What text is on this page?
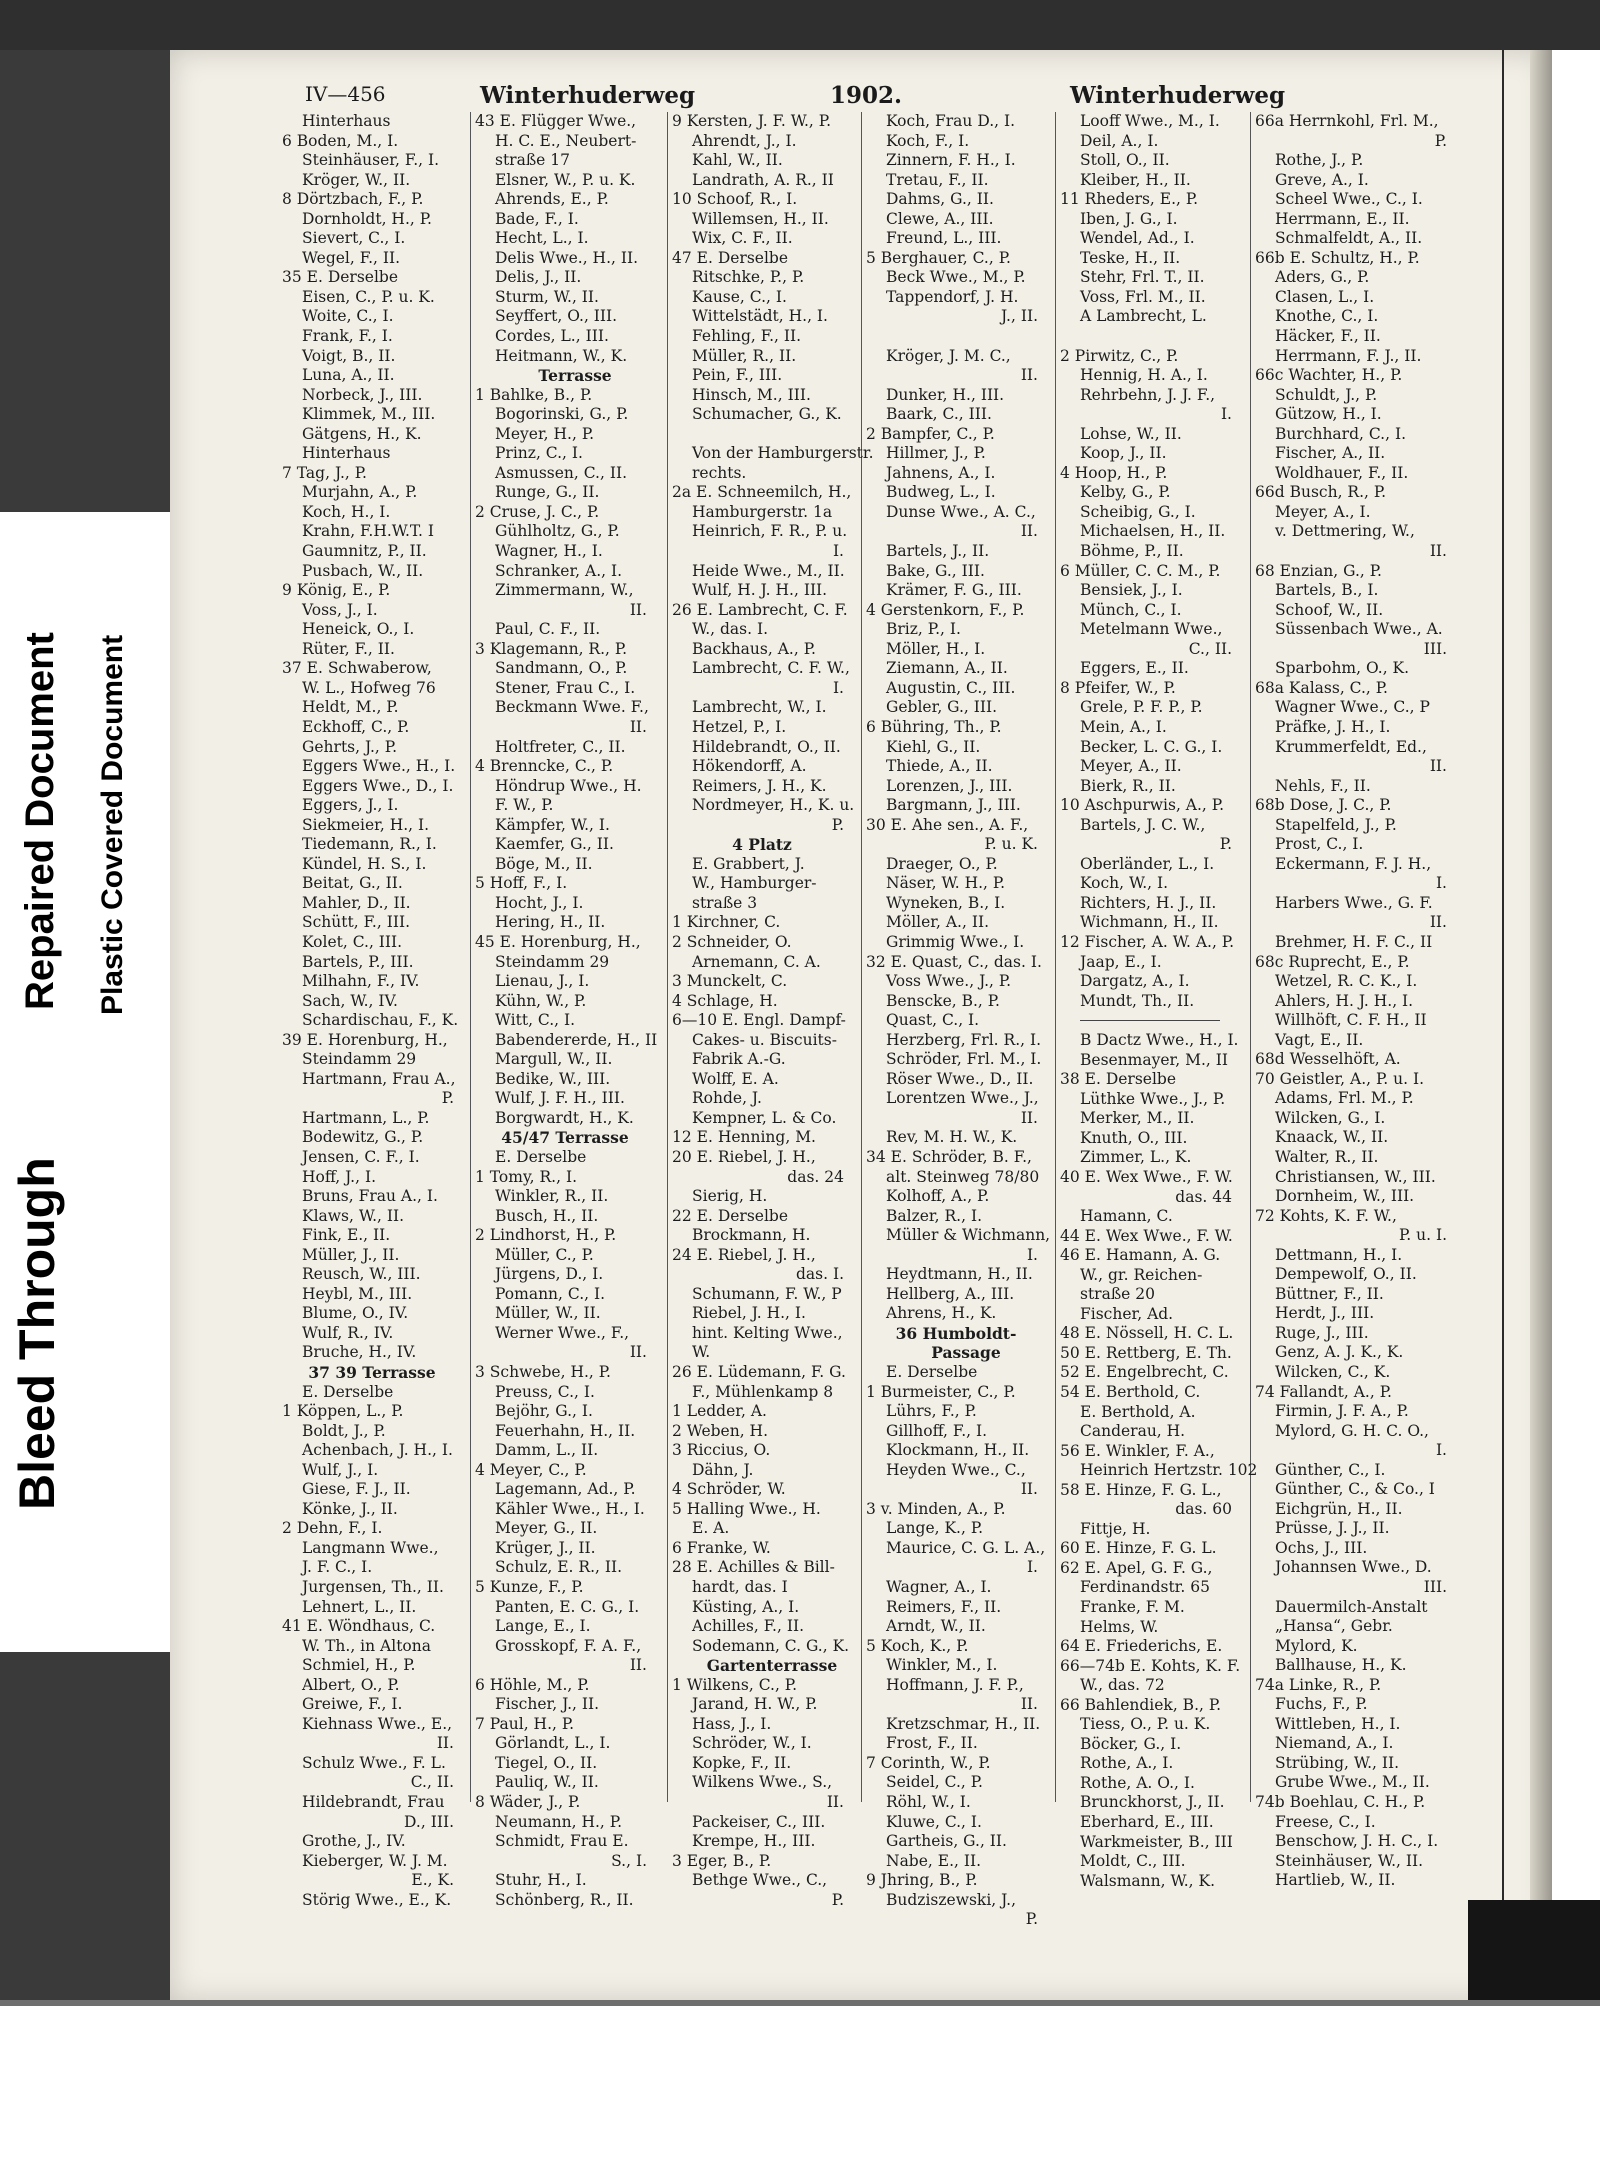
Bleed Through
Repaired Document Plastic Covered Document
IV—456	Winterhuderweg	1902.	Winterhuderweg
Hinterhaus
6 Boden, M., I.
Steinhäuser, F., I.
Kröger, W., II.
8 Dörtzbach, F., P.
Dornholdt, H., P.
Sievert, C., I.
Wegel, F., II.
35 E. Derselbe
Eisen, C., P. u. K.
Woite, C., I.
Frank, F., I.
Voigt, B., II.
Luna, A., II.
Norbeck, J., III.
Klimmek, M., III.
Gätgens, H., K.
Hinterhaus
7 Tag, J., P.
Murjahn, A., P.
Koch, H., I.
Krahn, F.H.W.T. I
Gaumnitz, P., II.
Pusbach, W., II.
9 König, E., P.
Voss, J., I.
Heneick, O., I.
Rüter, F., II.
37 E. Schwaberow,
W. L., Hofweg 76
Heldt, M., P.
Eckhoff, C., P.
Gehrts, J., P.
Eggers Wwe., H., I.
Eggers Wwe., D., I.
Eggers, J., I.
Siekmeier, H., I.
Tiedemann, R., I.
Kündel, H. S., I.
Beitat, G., II.
Mahler, D., II.
Schütt, F., III.
Kolet, C., III.
Bartels, P., III.
Milhahn, F., IV.
Sach, W., IV.
Schardischau, F., K.
39 E. Horenburg, H.,
Steindamm 29
Hartmann, Frau A.,
P.
Hartmann, L., P.
Bodewitz, G., P.
Jensen, C. F., I.
Hoff, J., I.
Bruns, Frau A., I.
Klaws, W., II.
Fink, E., II.
Müller, J., II.
Reusch, W., III.
Heybl, M., III.
Blume, O., IV.
Wulf, R., IV.
Bruche, H., IV.
37 39 Terrasse
E. Derselbe
1 Köppen, L., P.
Boldt, J., P.
Achenbach, J. H., I.
Wulf, J., I.
Giese, F. J., II.
Könke, J., II.
2 Dehn, F., I.
Langmann Wwe.,
J. F. C., I.
Jurgensen, Th., II.
Lehnert, L., II.
41 E. Wöndhaus, C.
W. Th., in Altona
Schmiel, H., P.
Albert, O., P.
Greiwe, F., I.
Kiehnass Wwe., E.,
II.
Schulz Wwe., F. L.
C., II.
Hildebrandt, Frau
D., III.
Grothe, J., IV.
Kieberger, W. J. M.
E., K.
Störig Wwe., E., K.
43 E. Flügger Wwe.,
H. C. E., Neubert-
straße 17
Elsner, W., P. u. K.
Ahrends, E., P.
Bade, F., I.
Hecht, L., I.
Delis Wwe., H., II.
Delis, J., II.
Sturm, W., II.
Seyffert, O., III.
Cordes, L., III.
Heitmann, W., K.
Terrasse
1 Bahlke, B., P.
Bogorinski, G., P.
Meyer, H., P.
Prinz, C., I.
Asmussen, C., II.
Runge, G., II.
2 Cruse, J. C., P.
Gühlholtz, G., P.
Wagner, H., I.
Schranker, A., I.
Zimmermann, W.,
II.
Paul, C. F., II.
3 Klagemann, R., P.
Sandmann, O., P.
Stener, Frau C., I.
Beckmann Wwe. F.,
II.
Holtfreter, C., II.
4 Brenncke, C., P.
Höndrup Wwe., H.
F. W., P.
Kämpfer, W., I.
Kaemfer, G., II.
Böge, M., II.
5 Hoff, F., I.
Hocht, J., I.
Hering, H., II.
45 E. Horenburg, H.,
Steindamm 29
Lienau, J., I.
Kühn, W., P.
Witt, C., I.
Babendererde, H., II
Margull, W., II.
Bedike, W., III.
Wulf, J. F. H., III.
Borgwardt, H., K.
45/47 Terrasse
E. Derselbe
1 Tomy, R., I.
Winkler, R., II.
Busch, H., II.
2 Lindhorst, H., P.
Müller, C., P.
Jürgens, D., I.
Pomann, C., I.
Müller, W., II.
Werner Wwe., F.,
II.
3 Schwebe, H., P.
Preuss, C., I.
Bejöhr, G., I.
Feuerhahn, H., II.
Damm, L., II.
4 Meyer, C., P.
Lagemann, Ad., P.
Kähler Wwe., H., I.
Meyer, G., II.
Krüger, J., II.
Schulz, E. R., II.
5 Kunze, F., P.
Panten, E. C. G., I.
Lange, E., I.
Grosskopf, F. A. F.,
II.
6 Höhle, M., P.
Fischer, J., II.
7 Paul, H., P.
Görlandt, L., I.
Tiegel, O., II.
Pauliq, W., II.
8 Wäder, J., P.
Neumann, H., P.
Schmidt, Frau E.
S., I.
Stuhr, H., I.
Schönberg, R., II.
9 Kersten, J. F. W., P.
Ahrendt, J., I.
Kahl, W., II.
Landrath, A. R., II
10 Schoof, R., I.
Willemsen, H., II.
Wix, C. F., II.
47 E. Derselbe
Ritschke, P., P.
Kause, C., I.
Wittelstädt, H., I.
Fehling, F., II.
Müller, R., II.
Pein, F., III.
Hinsch, M., III.
Schumacher, G., K.
Von der Hamburgerstr.
rechts.
2a E. Schneemilch, H.,
Hamburgerstr. 1a
Heinrich, F. R., P. u.
I.
Heide Wwe., M., II.
Wulf, H. J. H., III.
26 E. Lambrecht, C. F.
W., das. I.
Backhaus, A., P.
Lambrecht, C. F. W.,
I.
Lambrecht, W., I.
Hetzel, P., I.
Hildebrandt, O., II.
Hökendorff, A.
Reimers, J. H., K.
Nordmeyer, H., K. u.
P.
4 Platz
E. Grabbert, J.
W., Hamburger-
straße 3
1 Kirchner, C.
2 Schneider, O.
Arnemann, C. A.
3 Munckelt, C.
4 Schlage, H.
6—10 E. Engl. Dampf-
Cakes- u. Biscuits-
Fabrik A.-G.
Wolff, E. A.
Rohde, J.
Kempner, L. & Co.
12 E. Henning, M.
20 E. Riebel, J. H.,
das. 24
Sierig, H.
22 E. Derselbe
Brockmann, H.
24 E. Riebel, J. H.,
das. I.
Schumann, F. W., P
Riebel, J. H., I.
hint. Kelting Wwe.,
W.
26 E. Lüdemann, F. G.
F., Mühlenkamp 8
1 Ledder, A.
2 Weben, H.
3 Riccius, O.
Dähn, J.
4 Schröder, W.
5 Halling Wwe., H.
E. A.
6 Franke, W.
28 E. Achilles & Bill-
hardt, das. I
Küsting, A., I.
Achilles, F., II.
Sodemann, C. G., K.
Gartenterrasse
1 Wilkens, C., P.
Jarand, H. W., P.
Hass, J., I.
Schröder, W., I.
Kopke, F., II.
Wilkens Wwe., S.,
II.
Packeiser, C., III.
Krempe, H., III.
3 Eger, B., P.
Bethge Wwe., C.,
P.
Koch, Frau D., I.
Koch, F., I.
Zinnern, F. H., I.
Tretau, F., II.
Dahms, G., II.
Clewe, A., III.
Freund, L., III.
5 Berghauer, C., P.
Beck Wwe., M., P.
Tappendorf, J. H.
J., II.
Kröger, J. M. C.,
II.
Dunker, H., III.
Baark, C., III.
2 Bampfer, C., P.
Hillmer, J., P.
Jahnens, A., I.
Budweg, L., I.
Dunse Wwe., A. C.,
II.
Bartels, J., II.
Bake, G., III.
Krämer, F. G., III.
4 Gerstenkorn, F., P.
Briz, P., I.
Möller, H., I.
Ziemann, A., II.
Augustin, C., III.
Gebler, G., III.
6 Bühring, Th., P.
Kiehl, G., II.
Thiede, A., II.
Lorenzen, J., III.
Bargmann, J., III.
30 E. Ahe sen., A. F.,
P. u. K.
Draeger, O., P.
Näser, W. H., P.
Wyneken, B., I.
Möller, A., II.
Grimmig Wwe., I.
32 E. Quast, C., das. I.
Voss Wwe., J., P.
Benscke, B., P.
Quast, C., I.
Herzberg, Frl. R., I.
Schröder, Frl. M., I.
Röser Wwe., D., II.
Lorentzen Wwe., J.,
II.
Rev, M. H. W., K.
34 E. Schröder, B. F.,
alt. Steinweg 78/80
Kolhoff, A., P.
Balzer, R., I.
Müller & Wichmann,
I.
Heydtmann, H., II.
Hellberg, A., III.
Ahrens, H., K.
36 Humboldt-
Passage
E. Derselbe
1 Burmeister, C., P.
Lührs, F., P.
Gillhoff, F., I.
Klockmann, H., II.
Heyden Wwe., C.,
II.
3 v. Minden, A., P.
Lange, K., P.
Maurice, C. G. L. A.,
I.
Wagner, A., I.
Reimers, F., II.
Arndt, W., II.
5 Koch, K., P.
Winkler, M., I.
Hoffmann, J. F. P.,
II.
Kretzschmar, H., II.
Frost, F., II.
7 Corinth, W., P.
Seidel, C., P.
Röhl, W., I.
Kluwe, C., I.
Gartheis, G., II.
Nabe, E., II.
9 Jhring, B., P.
Budziszewski, J.,
P.
Looff Wwe., M., I.
Deil, A., I.
Stoll, O., II.
Kleiber, H., II.
11 Rheders, E., P.
Iben, J. G., I.
Wendel, Ad., I.
Teske, H., II.
Stehr, Frl. T., II.
Voss, Frl. M., II.
A Lambrecht, L.
2 Pirwitz, C., P.
Hennig, H. A., I.
Rehrbehn, J. J. F.,
I.
Lohse, W., II.
Koop, J., II.
4 Hoop, H., P.
Kelby, G., P.
Scheibig, G., I.
Michaelsen, H., II.
Böhme, P., II.
6 Müller, C. C. M., P.
Bensiek, J., I.
Münch, C., I.
Metelmann Wwe.,
C., II.
Eggers, E., II.
8 Pfeifer, W., P.
Grele, P. F. P., P.
Mein, A., I.
Becker, L. C. G., I.
Meyer, A., II.
Bierk, R., II.
10 Aschpurwis, A., P.
Bartels, J. C. W.,
P.
Oberländer, L., I.
Koch, W., I.
Richters, H. J., II.
Wichmann, H., II.
12 Fischer, A. W. A., P.
Jaap, E., I.
Dargatz, A., I.
Mundt, Th., II.
B Dactz Wwe., H., I.
Besenmayer, M., II
38 E. Derselbe
Lüthke Wwe., J., P.
Merker, M., II.
Knuth, O., III.
Zimmer, L., K.
40 E. Wex Wwe., F. W.
das. 44
Hamann, C.
44 E. Wex Wwe., F. W.
46 E. Hamann, A. G.
W., gr. Reichen-
straße 20
Fischer, Ad.
48 E. Nössell, H. C. L.
50 E. Rettberg, E. Th.
52 E. Engelbrecht, C.
54 E. Berthold, C.
E. Berthold, A.
Canderau, H.
56 E. Winkler, F. A.,
Heinrich Hertzstr. 102
58 E. Hinze, F. G. L.,
das. 60
Fittje, H.
60 E. Hinze, F. G. L.
62 E. Apel, G. F. G.,
Ferdinandstr. 65
Franke, F. M.
Helms, W.
64 E. Friederichs, E.
66—74b E. Kohts, K. F.
W., das. 72
66 Bahlendiek, B., P.
Tiess, O., P. u. K.
Böcker, G., I.
Rothe, A., I.
Rothe, A. O., I.
Brunckhorst, J., II.
Eberhard, E., III.
Warkmeister, B., III
Moldt, C., III.
Walsmann, W., K.
66a Herrnkohl, Frl. M.,
P.
Rothe, J., P.
Greve, A., I.
Scheel Wwe., C., I.
Herrmann, E., II.
Schmalfeldt, A., II.
66b E. Schultz, H., P.
Aders, G., P.
Clasen, L., I.
Knothe, C., I.
Häcker, F., II.
Herrmann, F. J., II.
66c Wachter, H., P.
Schuldt, J., P.
Gützow, H., I.
Burchhard, C., I.
Fischer, A., II.
Woldhauer, F., II.
66d Busch, R., P.
Meyer, A., I.
v. Dettmering, W.,
II.
68 Enzian, G., P.
Bartels, B., I.
Schoof, W., II.
Süssenbach Wwe., A.
III.
Sparbohm, O., K.
68a Kalass, C., P.
Wagner Wwe., C., P
Präfke, J. H., I.
Krummerfeldt, Ed.,
II.
Nehls, F., II.
68b Dose, J. C., P.
Stapelfeld, J., P.
Prost, C., I.
Eckermann, F. J. H.,
I.
Harbers Wwe., G. F.
II.
Brehmer, H. F. C., II
68c Ruprecht, E., P.
Wetzel, R. C. K., I.
Ahlers, H. J. H., I.
Willhöft, C. F. H., II
Vagt, E., II.
68d Wesselhöft, A.
70 Geistler, A., P. u. I.
Adams, Frl. M., P.
Wilcken, G., I.
Knaack, W., II.
Walter, R., II.
Christiansen, W., III.
Dornheim, W., III.
72 Kohts, K. F. W.,
P. u. I.
Dettmann, H., I.
Dempewolf, O., II.
Büttner, F., II.
Herdt, J., III.
Ruge, J., III.
Genz, A. J. K., K.
Wilcken, C., K.
74 Fallandt, A., P.
Firmin, J. F. A., P.
Mylord, G. H. C. O.,
I.
Günther, C., I.
Günther, C., & Co., I
Eichgrün, H., II.
Prüsse, J. J., II.
Ochs, J., III.
Johannsen Wwe., D.
III.
Dauermilch-Anstalt
„Hansa“, Gebr.
Mylord, K.
Ballhause, H., K.
74a Linke, R., P.
Fuchs, F., P.
Wittleben, H., I.
Niemand, A., I.
Strübing, W., II.
Grube Wwe., M., II.
74b Boehlau, C. H., P.
Freese, C., I.
Benschow, J. H. C., I.
Steinhäuser, W., II.
Hartlieb, W., II.
